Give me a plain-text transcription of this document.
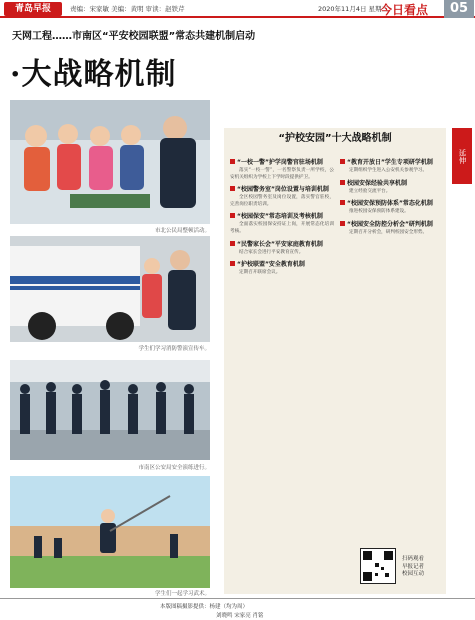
青岛早报	责编：宋家敏 美编：黄明 审读：赵铁芹	2020年11月4日 星期三
今日看点	05
天网工程……市南区“平安校园联盟”常态共建机制启动
·大战略机制
市北公民局整顿活动。
学生们学习消防警演宣传车。
市南区公安局安全演练进行。
学生们一起学习武术。
“护校安园”十大战略机制
“一校一警”护学岗警官驻场机制
落实“一校一警”，一名警察负责一所学校，公安机关组织为学校上下学时段提供护卫。
“校园警务室”岗位设置与培训机制
全区校园警务室及岗位设置，落实警官驻校，完善岗位职责培训。
“校园保安”常态培训及考核机制
全面落实校园保安持证上岗，开展常态化培训考核。
“民警家长会”平安家庭教育机制
结合家长会进行平安教育宣传。
“护校联盟”安全教育机制
定期召开联席会议。
“教育开放日”学生专项研学机制
定期组织学生进入公安机关参观学习。
校园安保经验共享机制
建立经验交流平台。
“校园安保预防体系”常态化机制
推进校园安保预防体系建设。
“校园安全防控分析会”研判机制
定期召开分析会，研判校园安全形势。
扫码观看
早报记者
校园互动
延伸
本版图稿摄影提供：杨建（均为周）
刘晓鸣 宋家亮 肖铭
